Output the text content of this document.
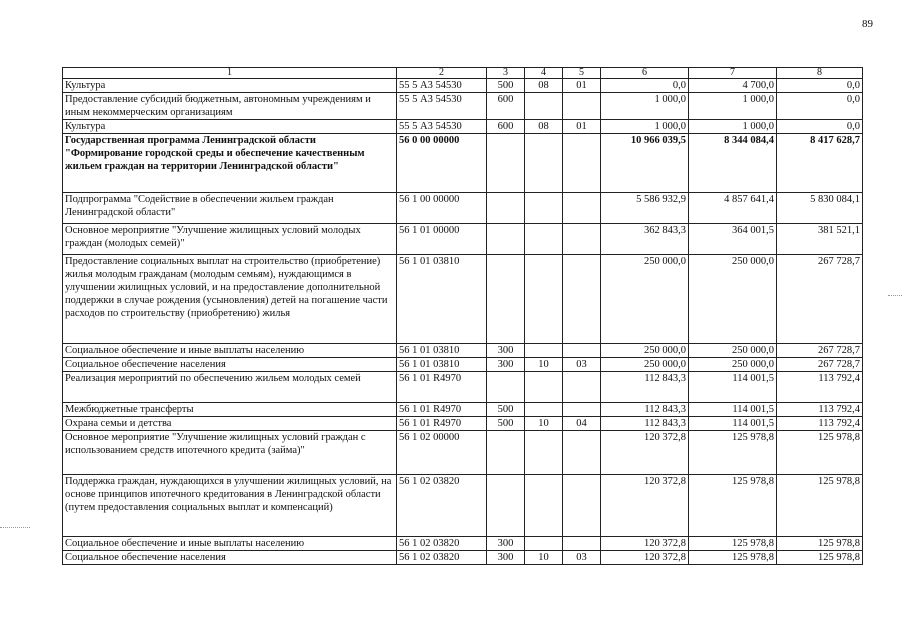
89
1	2	3	4	5	6	7	8
Культура	55 5 А3 54530	500	08	01	0,0	4 700,0	0,0
Предоставление субсидий бюджетным, автономным учреждениям и иным некоммерческим организациям	55 5 А3 54530	600			1 000,0	1 000,0	0,0
Культура	55 5 А3 54530	600	08	01	1 000,0	1 000,0	0,0
Государственная программа Ленинградской области "Формирование городской среды и обеспечение качественным жильем граждан на территории Ленинградской области"	56 0 00 00000				10 966 039,5	8 344 084,4	8 417 628,7
Подпрограмма "Содействие в обеспечении жильем граждан Ленинградской области"	56 1 00 00000				5 586 932,9	4 857 641,4	5 830 084,1
Основное мероприятие "Улучшение жилищных условий молодых граждан (молодых семей)"	56 1 01 00000				362 843,3	364 001,5	381 521,1
Предоставление социальных выплат на строительство (приобретение) жилья молодым гражданам (молодым семьям), нуждающимся в улучшении жилищных условий, и на предоставление дополнительной поддержки в случае рождения (усыновления) детей на погашение части расходов по строительству (приобретению) жилья	56 1 01 03810				250 000,0	250 000,0	267 728,7
Социальное обеспечение и иные выплаты населению	56 1 01 03810	300			250 000,0	250 000,0	267 728,7
Социальное обеспечение населения	56 1 01 03810	300	10	03	250 000,0	250 000,0	267 728,7
Реализация мероприятий по обеспечению жильем молодых семей	56 1 01 R4970				112 843,3	114 001,5	113 792,4
Межбюджетные трансферты	56 1 01 R4970	500			112 843,3	114 001,5	113 792,4
Охрана семьи и детства	56 1 01 R4970	500	10	04	112 843,3	114 001,5	113 792,4
Основное мероприятие "Улучшение жилищных условий граждан с использованием средств ипотечного кредита (займа)"	56 1 02 00000				120 372,8	125 978,8	125 978,8
Поддержка граждан, нуждающихся в улучшении жилищных условий, на основе принципов ипотечного кредитования в Ленинградской области (путем предоставления социальных выплат и компенсаций)	56 1 02 03820				120 372,8	125 978,8	125 978,8
Социальное обеспечение и иные выплаты населению	56 1 02 03820	300			120 372,8	125 978,8	125 978,8
Социальное обеспечение населения	56 1 02 03820	300	10	03	120 372,8	125 978,8	125 978,8
